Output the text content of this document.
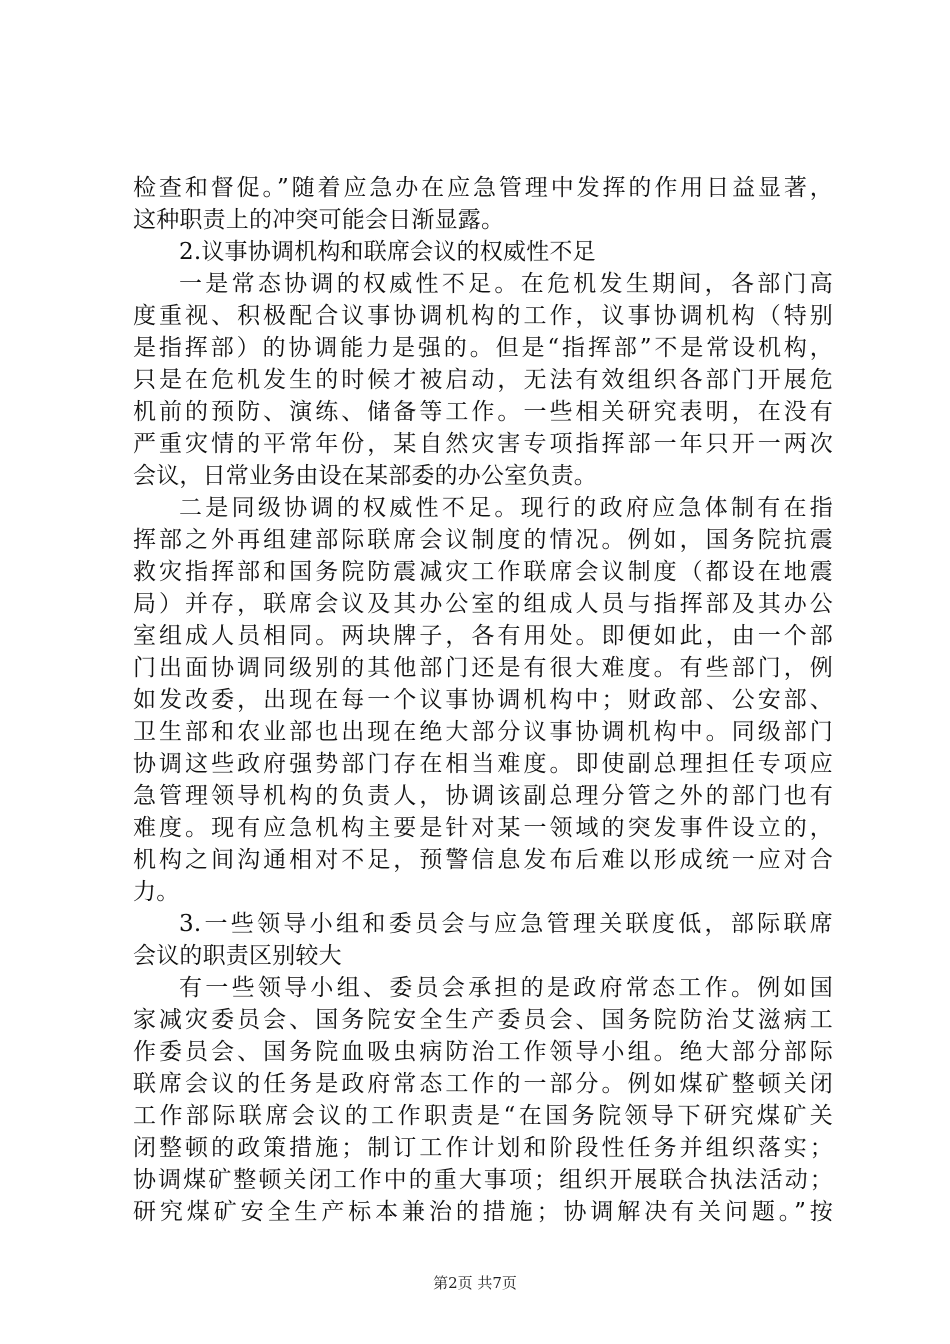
检查和督促。”随着应急办在应急管理中发挥的作用日益显著，
这种职责上的冲突可能会日渐显露。
2.议事协调机构和联席会议的权威性不足
一是常态协调的权威性不足。在危机发生期间，各部门高
度重视、积极配合议事协调机构的工作，议事协调机构（特别
是指挥部）的协调能力是强的。但是“指挥部”不是常设机构，
只是在危机发生的时候才被启动，无法有效组织各部门开展危
机前的预防、演练、储备等工作。一些相关研究表明，在没有
严重灾情的平常年份，某自然灾害专项指挥部一年只开一两次
会议，日常业务由设在某部委的办公室负责。
二是同级协调的权威性不足。现行的政府应急体制有在指
挥部之外再组建部际联席会议制度的情况。例如，国务院抗震
救灾指挥部和国务院防震减灾工作联席会议制度（都设在地震
局）并存，联席会议及其办公室的组成人员与指挥部及其办公
室组成人员相同。两块牌子，各有用处。即便如此，由一个部
门出面协调同级别的其他部门还是有很大难度。有些部门，例
如发改委，出现在每一个议事协调机构中；财政部、公安部、
卫生部和农业部也出现在绝大部分议事协调机构中。同级部门
协调这些政府强势部门存在相当难度。即使副总理担任专项应
急管理领导机构的负责人，协调该副总理分管之外的部门也有
难度。现有应急机构主要是针对某一领域的突发事件设立的，
机构之间沟通相对不足，预警信息发布后难以形成统一应对合
力。
3.一些领导小组和委员会与应急管理关联度低，部际联席
会议的职责区别较大
有一些领导小组、委员会承担的是政府常态工作。例如国
家减灾委员会、国务院安全生产委员会、国务院防治艾滋病工
作委员会、国务院血吸虫病防治工作领导小组。绝大部分部际
联席会议的任务是政府常态工作的一部分。例如煤矿整顿关闭
工作部际联席会议的工作职责是“在国务院领导下研究煤矿关
闭整顿的政策措施；制订工作计划和阶段性任务并组织落实；
协调煤矿整顿关闭工作中的重大事项；组织开展联合执法活动；
研究煤矿安全生产标本兼治的措施；协调解决有关问题。”按
第2页 共7页
